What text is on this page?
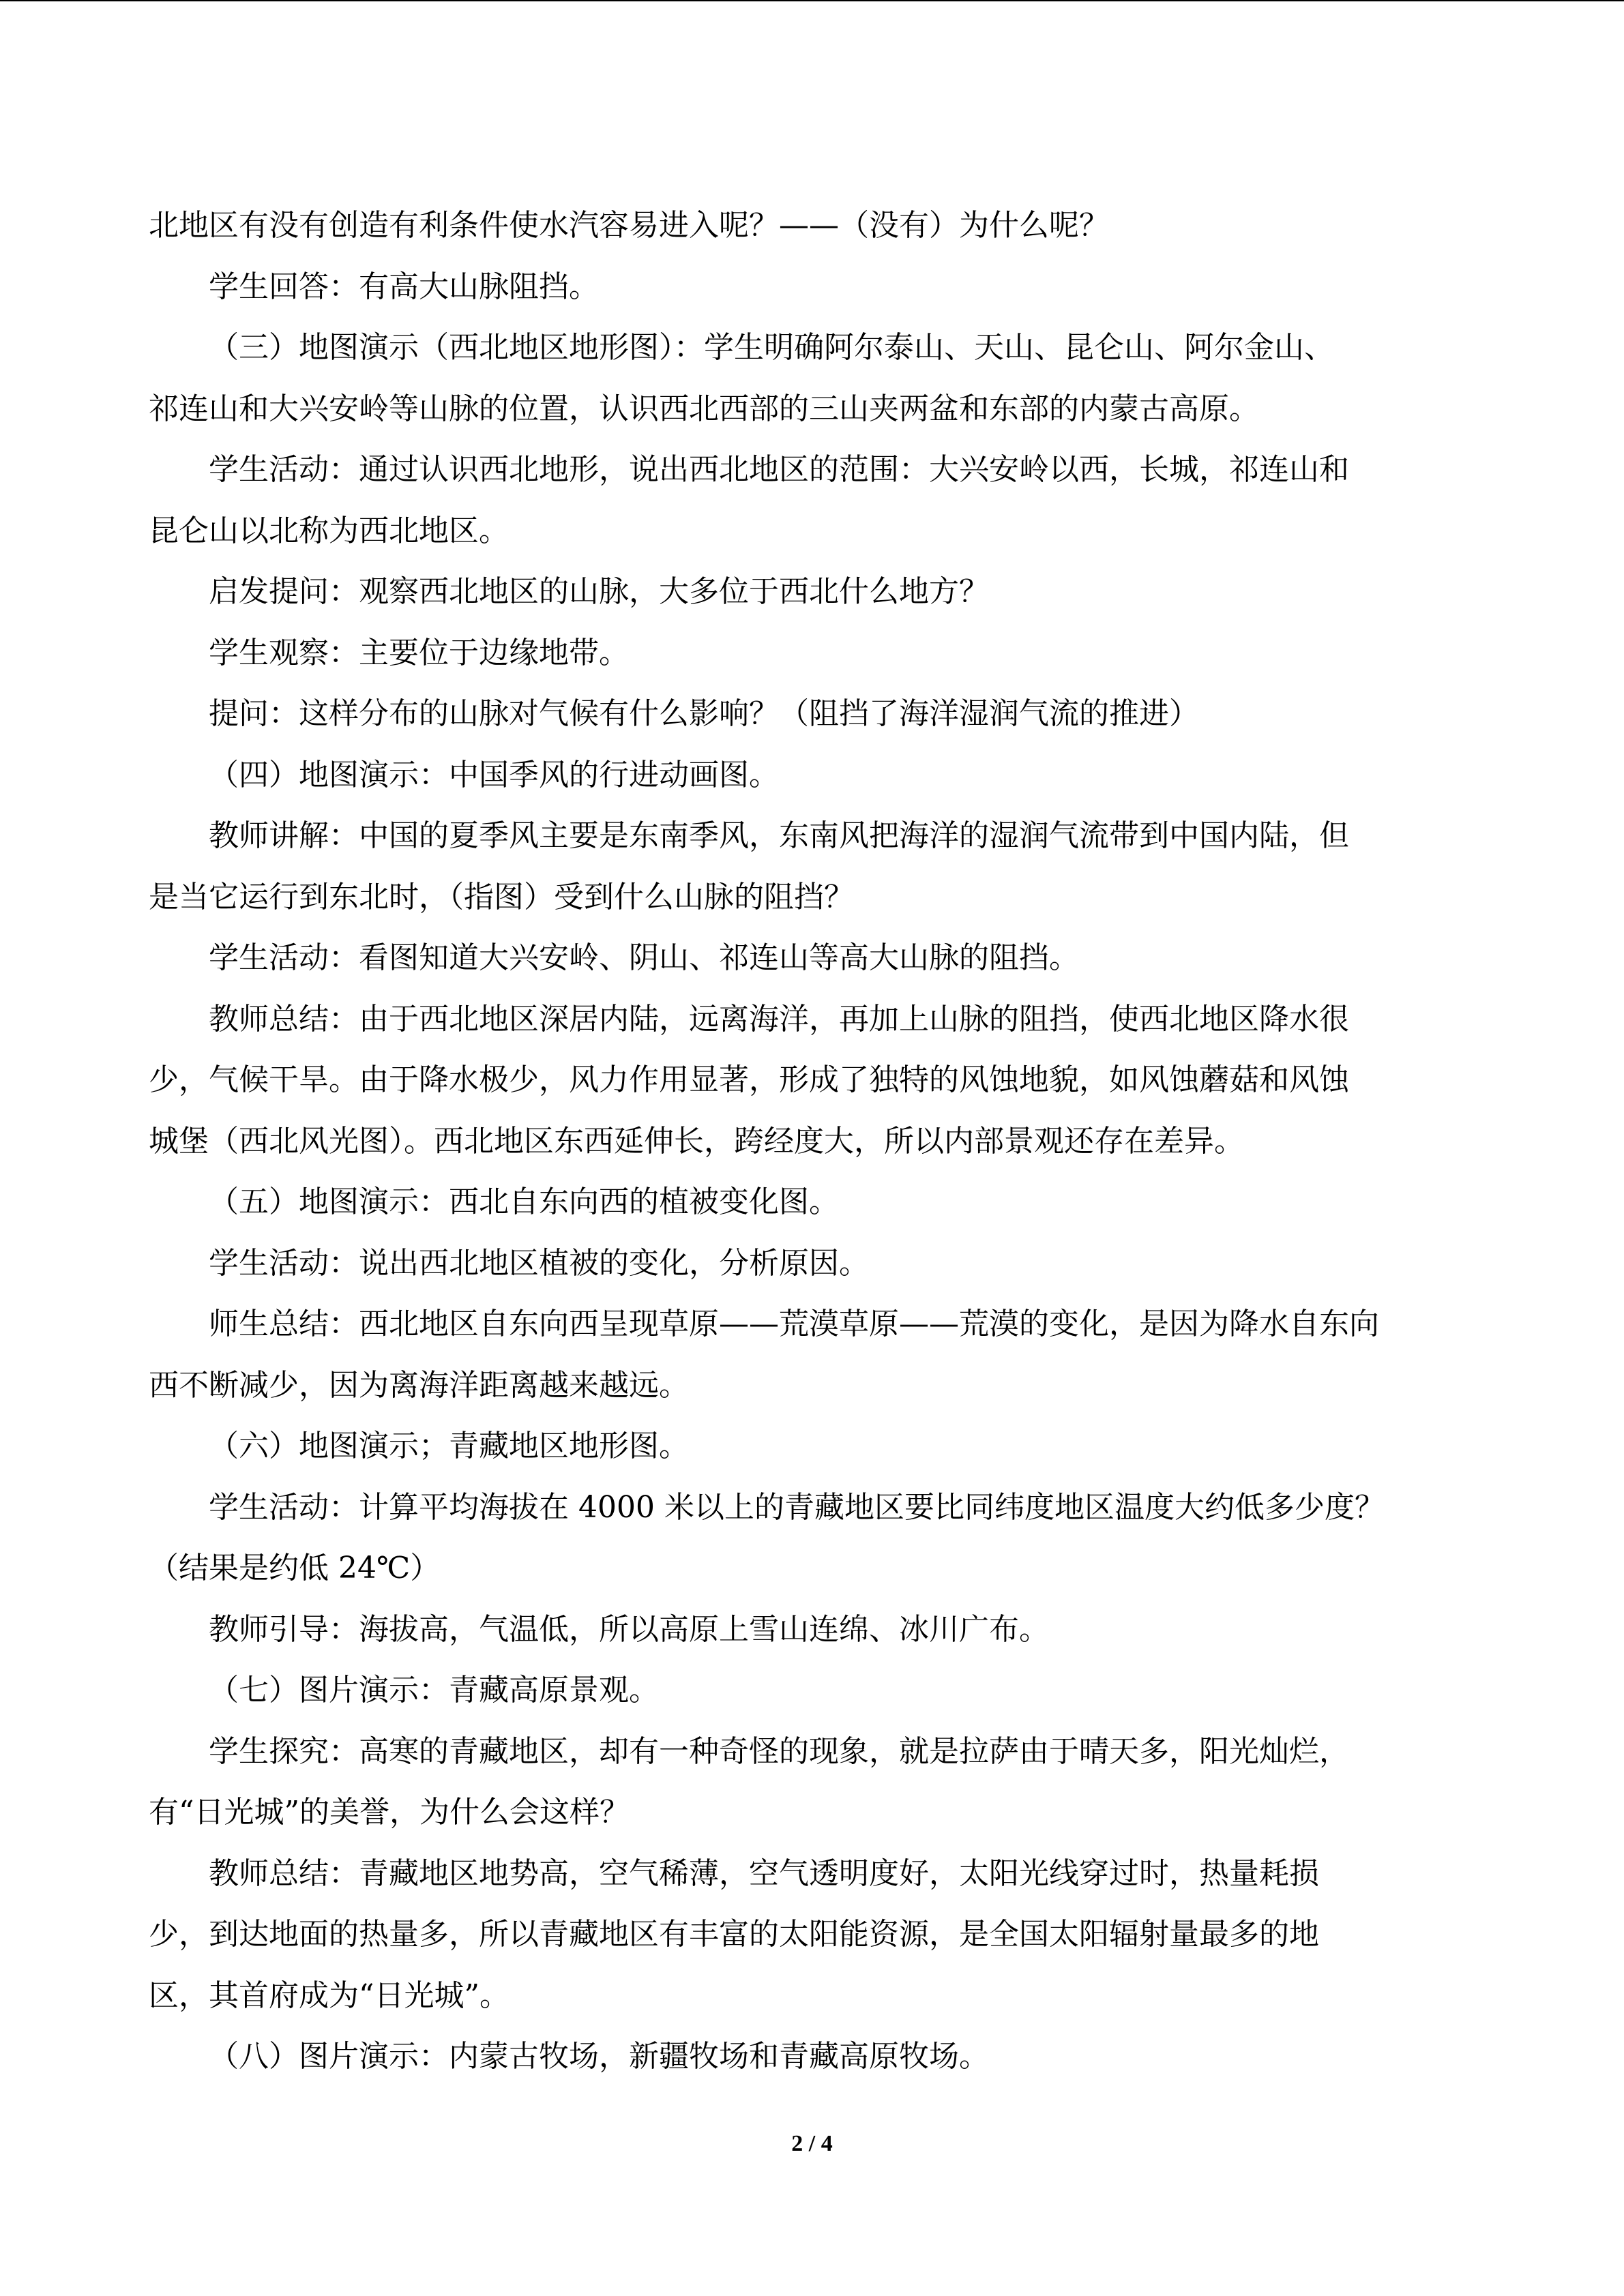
北地区有没有创造有利条件使水汽容易进入呢？——（没有）为什么呢？
学生回答：有高大山脉阻挡。
（三）地图演示（西北地区地形图）：学生明确阿尔泰山、天山、昆仑山、阿尔金山、
祁连山和大兴安岭等山脉的位置，认识西北西部的三山夹两盆和东部的内蒙古高原。
学生活动：通过认识西北地形，说出西北地区的范围：大兴安岭以西，长城，祁连山和
昆仑山以北称为西北地区。
启发提问：观察西北地区的山脉，大多位于西北什么地方？
学生观察：主要位于边缘地带。
提问：这样分布的山脉对气候有什么影响？（阻挡了海洋湿润气流的推进）
（四）地图演示：中国季风的行进动画图。
教师讲解：中国的夏季风主要是东南季风，东南风把海洋的湿润气流带到中国内陆，但
是当它运行到东北时，（指图）受到什么山脉的阻挡？
学生活动：看图知道大兴安岭、阴山、祁连山等高大山脉的阻挡。
教师总结：由于西北地区深居内陆，远离海洋，再加上山脉的阻挡，使西北地区降水很
少，气候干旱。由于降水极少，风力作用显著，形成了独特的风蚀地貌，如风蚀蘑菇和风蚀
城堡（西北风光图）。西北地区东西延伸长，跨经度大，所以内部景观还存在差异。
（五）地图演示：西北自东向西的植被变化图。
学生活动：说出西北地区植被的变化，分析原因。
师生总结：西北地区自东向西呈现草原——荒漠草原——荒漠的变化，是因为降水自东向
西不断减少，因为离海洋距离越来越远。
（六）地图演示；青藏地区地形图。
学生活动：计算平均海拔在 4000 米以上的青藏地区要比同纬度地区温度大约低多少度？
（结果是约低 24℃）
教师引导：海拔高，气温低，所以高原上雪山连绵、冰川广布。
（七）图片演示：青藏高原景观。
学生探究：高寒的青藏地区，却有一种奇怪的现象，就是拉萨由于晴天多，阳光灿烂，
有“日光城”的美誉，为什么会这样？
教师总结：青藏地区地势高，空气稀薄，空气透明度好，太阳光线穿过时，热量耗损
少，到达地面的热量多，所以青藏地区有丰富的太阳能资源，是全国太阳辐射量最多的地
区，其首府成为“日光城”。
（八）图片演示：内蒙古牧场，新疆牧场和青藏高原牧场。
2 / 4
